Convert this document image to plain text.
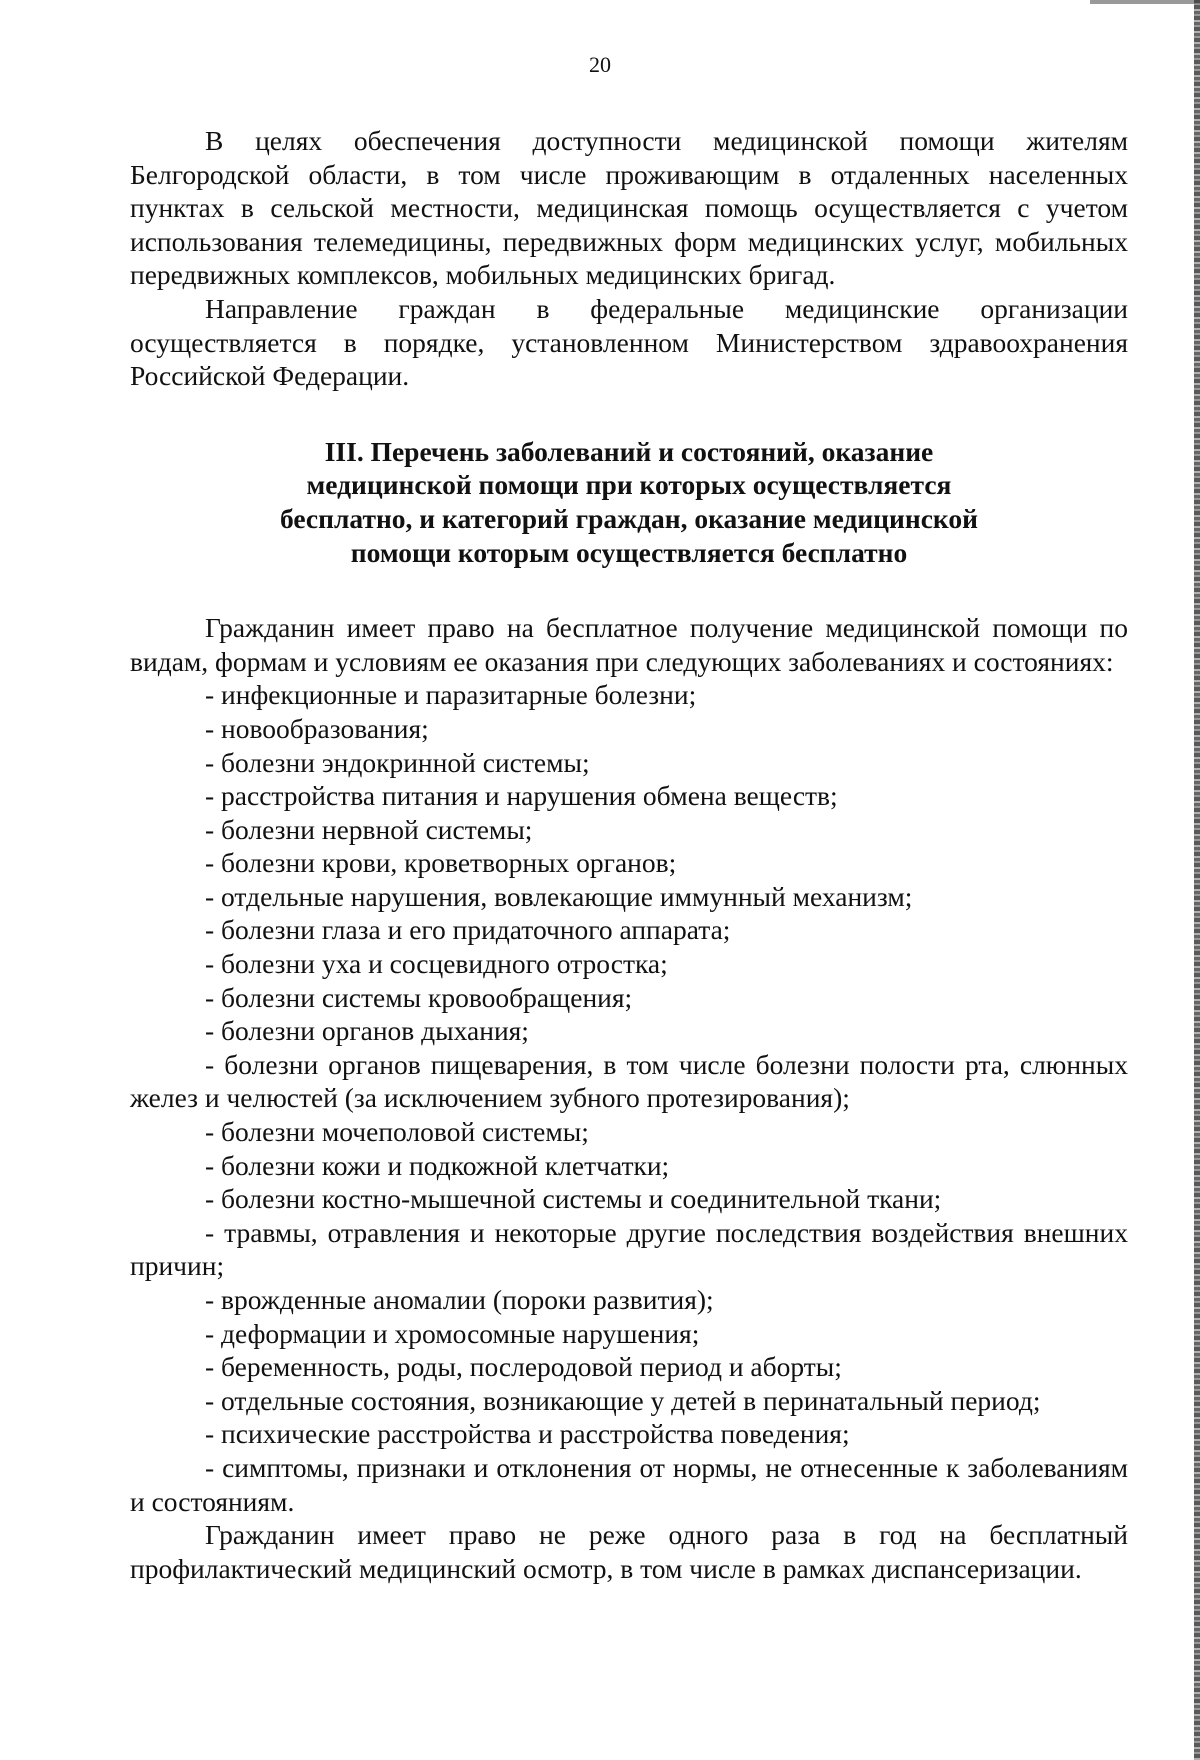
20

В целях обеспечения доступности медицинской помощи жителям Белгородской области, в том числе проживающим в отдаленных населенных пунктах в сельской местности, медицинская помощь осуществляется с учетом использования телемедицины, передвижных форм медицинских услуг, мобильных передвижных комплексов, мобильных медицинских бригад.

Направление граждан в федеральные медицинские организации осуществляется в порядке, установленном Министерством здравоохранения Российской Федерации.

III. Перечень заболеваний и состояний, оказание
медицинской помощи при которых осуществляется
бесплатно, и категорий граждан, оказание медицинской
помощи которым осуществляется бесплатно

Гражданин имеет право на бесплатное получение медицинской помощи по видам, формам и условиям ее оказания при следующих заболеваниях и состояниях:

- инфекционные и паразитарные болезни;

- новообразования;

- болезни эндокринной системы;

- расстройства питания и нарушения обмена веществ;

- болезни нервной системы;

- болезни крови, кроветворных органов;

- отдельные нарушения, вовлекающие иммунный механизм;

- болезни глаза и его придаточного аппарата;

- болезни уха и сосцевидного отростка;

- болезни системы кровообращения;

- болезни органов дыхания;

- болезни органов пищеварения, в том числе болезни полости рта, слюнных желез и челюстей (за исключением зубного протезирования);

- болезни мочеполовой системы;

- болезни кожи и подкожной клетчатки;

- болезни костно-мышечной системы и соединительной ткани;

- травмы, отравления и некоторые другие последствия воздействия внешних причин;

- врожденные аномалии (пороки развития);

- деформации и хромосомные нарушения;

- беременность, роды, послеродовой период и аборты;

- отдельные состояния, возникающие у детей в перинатальный период;

- психические расстройства и расстройства поведения;

- симптомы, признаки и отклонения от нормы, не отнесенные к заболеваниям и состояниям.

Гражданин имеет право не реже одного раза в год на бесплатный профилактический медицинский осмотр, в том числе в рамках диспансеризации.
